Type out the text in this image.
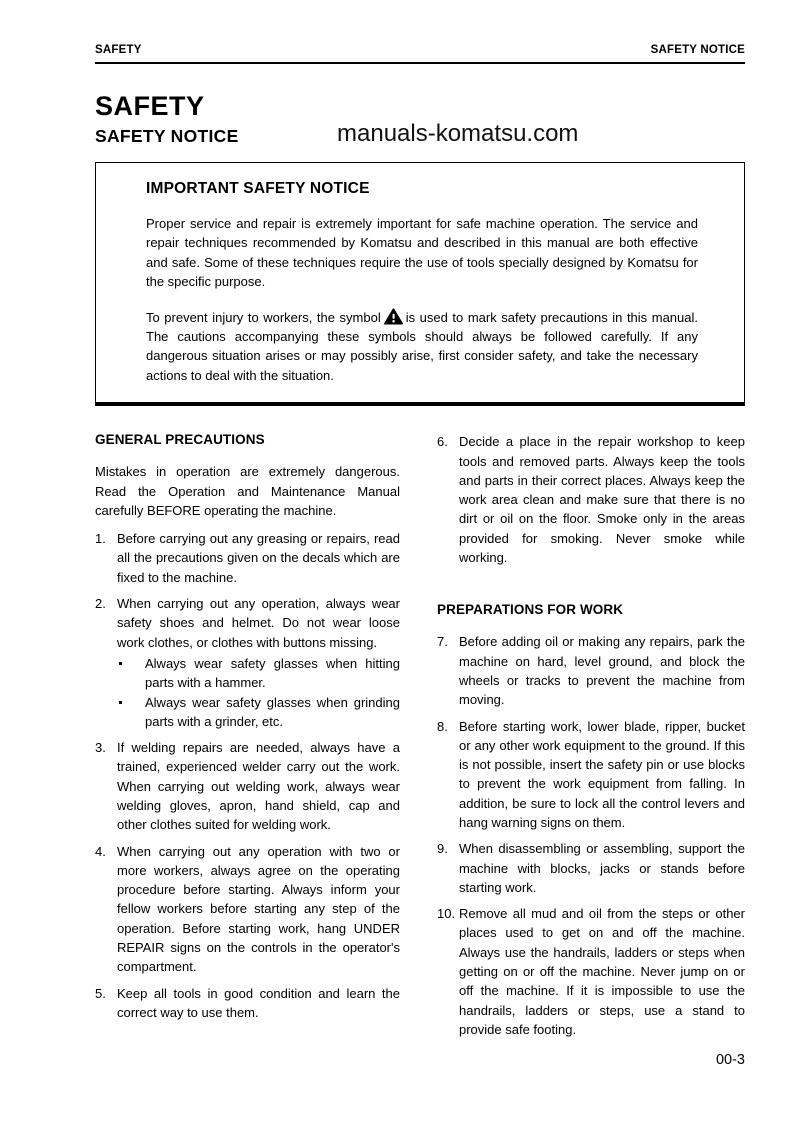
SAFETY	SAFETY NOTICE
SAFETY
SAFETY NOTICE
IMPORTANT SAFETY NOTICE
Proper service and repair is extremely important for safe machine operation. The service and repair techniques recommended by Komatsu and described in this manual are both effective and safe. Some of these techniques require the use of tools specially designed by Komatsu for the specific purpose.
To prevent injury to workers, the symbol is used to mark safety precautions in this manual. The cautions accompanying these symbols should always be followed carefully. If any dangerous situation arises or may possibly arise, first consider safety, and take the necessary actions to deal with the situation.
GENERAL PRECAUTIONS
Mistakes in operation are extremely dangerous. Read the Operation and Maintenance Manual carefully BEFORE operating the machine.
1. Before carrying out any greasing or repairs, read all the precautions given on the decals which are fixed to the machine.
2. When carrying out any operation, always wear safety shoes and helmet. Do not wear loose work clothes, or clothes with buttons missing.
Always wear safety glasses when hitting parts with a hammer.
Always wear safety glasses when grinding parts with a grinder, etc.
3. If welding repairs are needed, always have a trained, experienced welder carry out the work. When carrying out welding work, always wear welding gloves, apron, hand shield, cap and other clothes suited for welding work.
4. When carrying out any operation with two or more workers, always agree on the operating procedure before starting. Always inform your fellow workers before starting any step of the operation. Before starting work, hang UNDER REPAIR signs on the controls in the operator's compartment.
5. Keep all tools in good condition and learn the correct way to use them.
6. Decide a place in the repair workshop to keep tools and removed parts. Always keep the tools and parts in their correct places. Always keep the work area clean and make sure that there is no dirt or oil on the floor. Smoke only in the areas provided for smoking. Never smoke while working.
PREPARATIONS FOR WORK
7. Before adding oil or making any repairs, park the machine on hard, level ground, and block the wheels or tracks to prevent the machine from moving.
8. Before starting work, lower blade, ripper, bucket or any other work equipment to the ground. If this is not possible, insert the safety pin or use blocks to prevent the work equipment from falling. In addition, be sure to lock all the control levers and hang warning signs on them.
9. When disassembling or assembling, support the machine with blocks, jacks or stands before starting work.
10. Remove all mud and oil from the steps or other places used to get on and off the machine. Always use the handrails, ladders or steps when getting on or off the machine. Never jump on or off the machine. If it is impossible to use the handrails, ladders or steps, use a stand to provide safe footing.
manuals-komatsu.com
00-3
